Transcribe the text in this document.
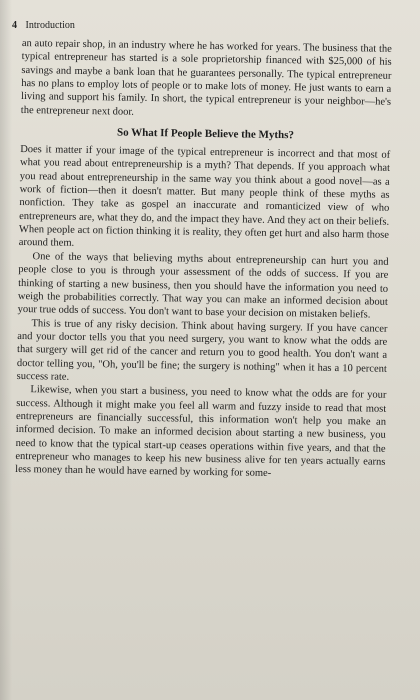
4 Introduction

an auto repair shop, in an industry where he has worked for years. The business that the typical entrepreneur has started is a sole proprietorship financed with $25,000 of his savings and maybe a bank loan that he guarantees personally. The typical entrepreneur has no plans to employ lots of people or to make lots of money. He just wants to earn a living and support his family. In short, the typical entrepreneur is your neighbor—he's the entrepreneur next door.

So What If People Believe the Myths?

Does it matter if your image of the typical entrepreneur is incorrect and that most of what you read about entrepreneurship is a myth? That depends. If you approach what you read about entrepreneurship in the same way you think about a good novel—as a work of fiction—then it doesn't matter. But many people think of these myths as nonfiction. They take as gospel an inaccurate and romanticized view of who entrepreneurs are, what they do, and the impact they have. And they act on their beliefs. When people act on fiction thinking it is reality, they often get hurt and also harm those around them.

One of the ways that believing myths about entrepreneurship can hurt you and people close to you is through your assessment of the odds of success. If you are thinking of starting a new business, then you should have the information you need to weigh the probabilities correctly. That way you can make an informed decision about your true odds of success. You don't want to base your decision on mistaken beliefs.

This is true of any risky decision. Think about having surgery. If you have cancer and your doctor tells you that you need surgery, you want to know what the odds are that surgery will get rid of the cancer and return you to good health. You don't want a doctor telling you, "Oh, you'll be fine; the surgery is nothing" when it has a 10 percent success rate.

Likewise, when you start a business, you need to know what the odds are for your success. Although it might make you feel all warm and fuzzy inside to read that most entrepreneurs are financially successful, this information won't help you make an informed decision. To make an informed decision about starting a new business, you need to know that the typical start-up ceases operations within five years, and that the entrepreneur who manages to keep his new business alive for ten years actually earns less money than he would have earned by working for some-
